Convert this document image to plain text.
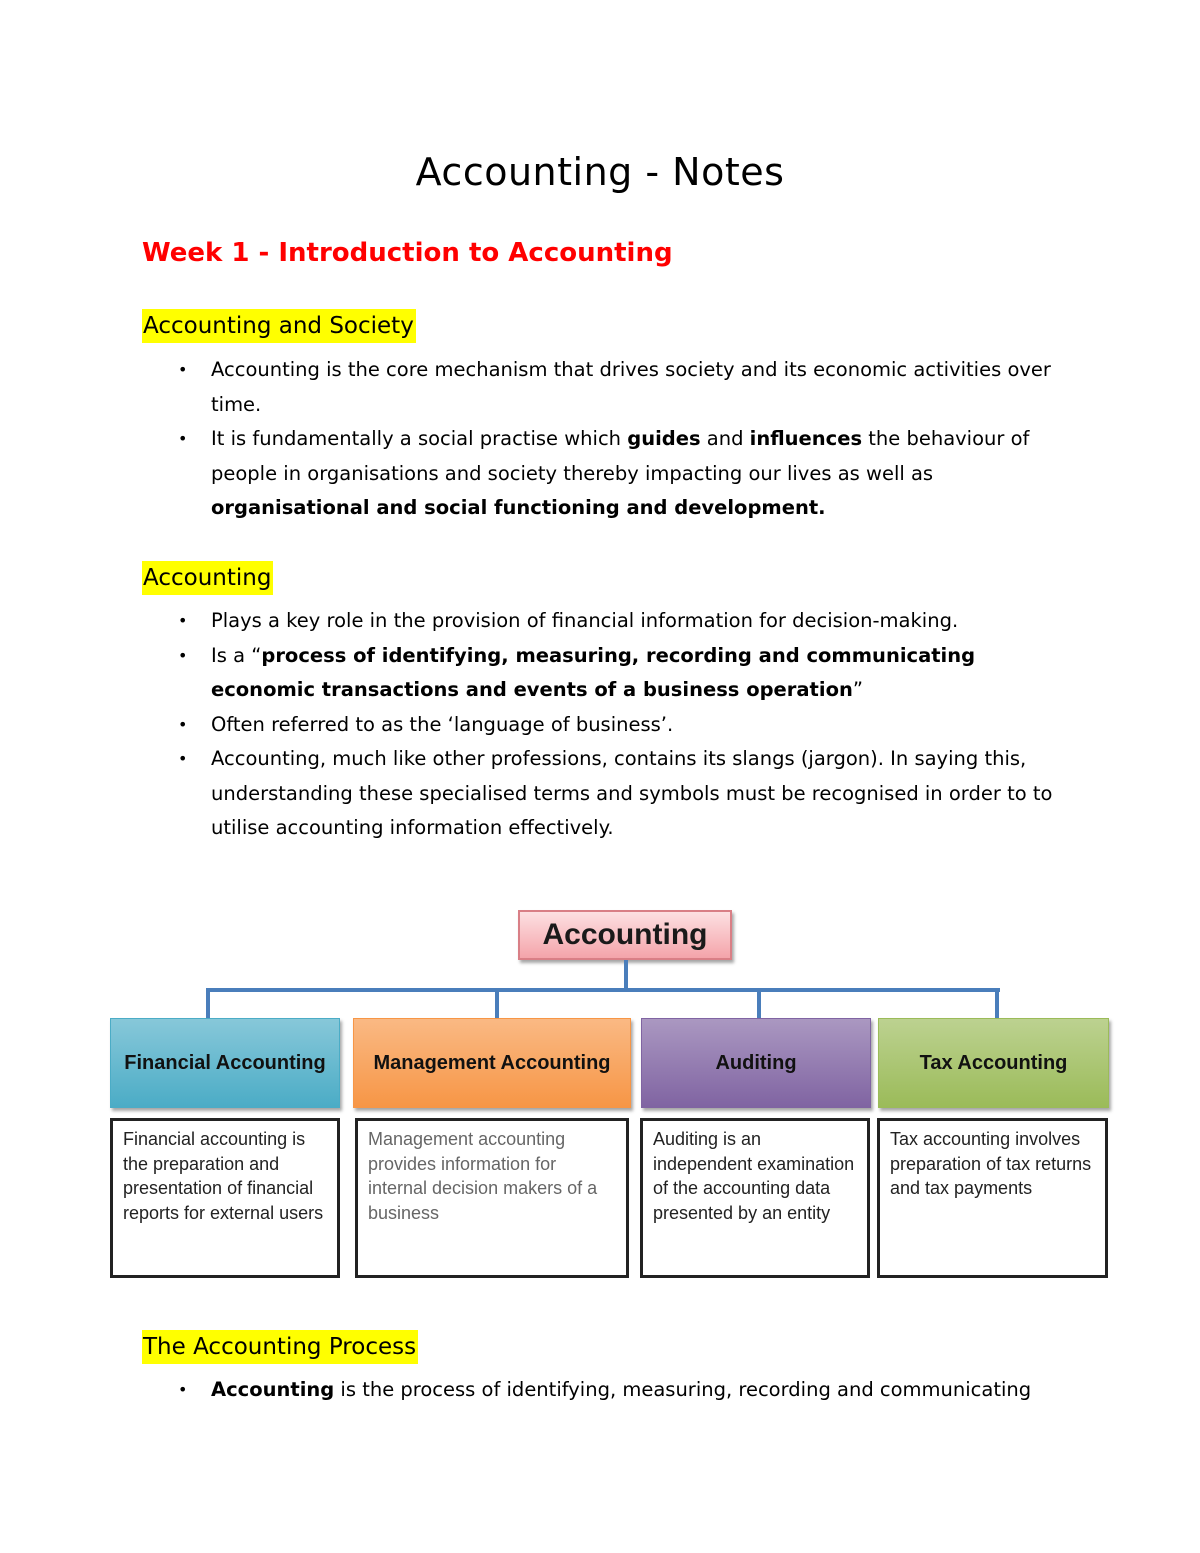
Accounting - Notes
Week 1 - Introduction to Accounting
Accounting and Society
• Accounting is the core mechanism that drives society and its economic activities over time.
• It is fundamentally a social practise which guides and influences the behaviour of people in organisations and society thereby impacting our lives as well as organisational and social functioning and development.
Accounting
• Plays a key role in the provision of financial information for decision-making.
• Is a “process of identifying, measuring, recording and communicating economic transactions and events of a business operation”
• Often referred to as the ‘language of business’.
• Accounting, much like other professions, contains its slangs (jargon). In saying this, understanding these specialised terms and symbols must be recognised in order to to utilise accounting information effectively.
Accounting
Financial Accounting	Management Accounting	Auditing	Tax Accounting
Financial accounting is the preparation and presentation of financial reports for external users
Management accounting provides information for internal decision makers of a business
Auditing is an independent examination of the accounting data presented by an entity
Tax accounting involves preparation of tax returns and tax payments
The Accounting Process
• Accounting is the process of identifying, measuring, recording and communicating
